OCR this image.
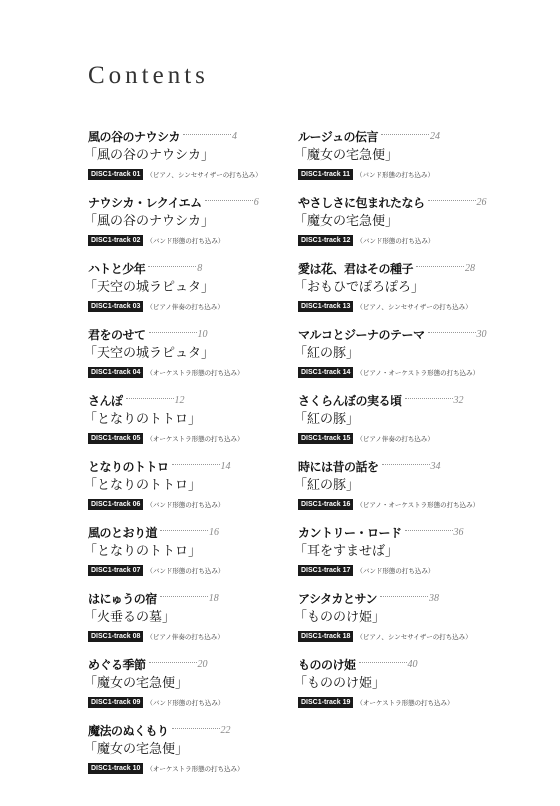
Contents
風の谷のナウシカ	4
「風の谷のナウシカ」
DISC1-track 01 （ピアノ、シンセサイザーの打ち込み）
ナウシカ・レクイエム	6
「風の谷のナウシカ」
DISC1-track 02 （バンド形態の打ち込み）
ハトと少年	8
「天空の城ラピュタ」
DISC1-track 03 （ピアノ伴奏の打ち込み）
君をのせて	10
「天空の城ラピュタ」
DISC1-track 04 （オーケストラ形態の打ち込み）
さんぽ	12
「となりのトトロ」
DISC1-track 05 （オーケストラ形態の打ち込み）
となりのトトロ	14
「となりのトトロ」
DISC1-track 06 （バンド形態の打ち込み）
風のとおり道	16
「となりのトトロ」
DISC1-track 07 （バンド形態の打ち込み）
はにゅうの宿	18
「火垂るの墓」
DISC1-track 08 （ピアノ伴奏の打ち込み）
めぐる季節	20
「魔女の宅急便」
DISC1-track 09 （バンド形態の打ち込み）
魔法のぬくもり	22
「魔女の宅急便」
DISC1-track 10 （オーケストラ形態の打ち込み）
ルージュの伝言	24
「魔女の宅急便」
DISC1-track 11 （バンド形態の打ち込み）
やさしさに包まれたなら	26
「魔女の宅急便」
DISC1-track 12 （バンド形態の打ち込み）
愛は花、君はその種子	28
「おもひでぽろぽろ」
DISC1-track 13 （ピアノ、シンセサイザーの打ち込み）
マルコとジーナのテーマ	30
「紅の豚」
DISC1-track 14 （ピアノ・オーケストラ形態の打ち込み）
さくらんぼの実る頃	32
「紅の豚」
DISC1-track 15 （ピアノ伴奏の打ち込み）
時には昔の話を	34
「紅の豚」
DISC1-track 16 （ピアノ・オーケストラ形態の打ち込み）
カントリー・ロード	36
「耳をすませば」
DISC1-track 17 （バンド形態の打ち込み）
アシタカとサン	38
「もののけ姫」
DISC1-track 18 （ピアノ、シンセサイザーの打ち込み）
もののけ姫	40
「もののけ姫」
DISC1-track 19 （オーケストラ形態の打ち込み）
